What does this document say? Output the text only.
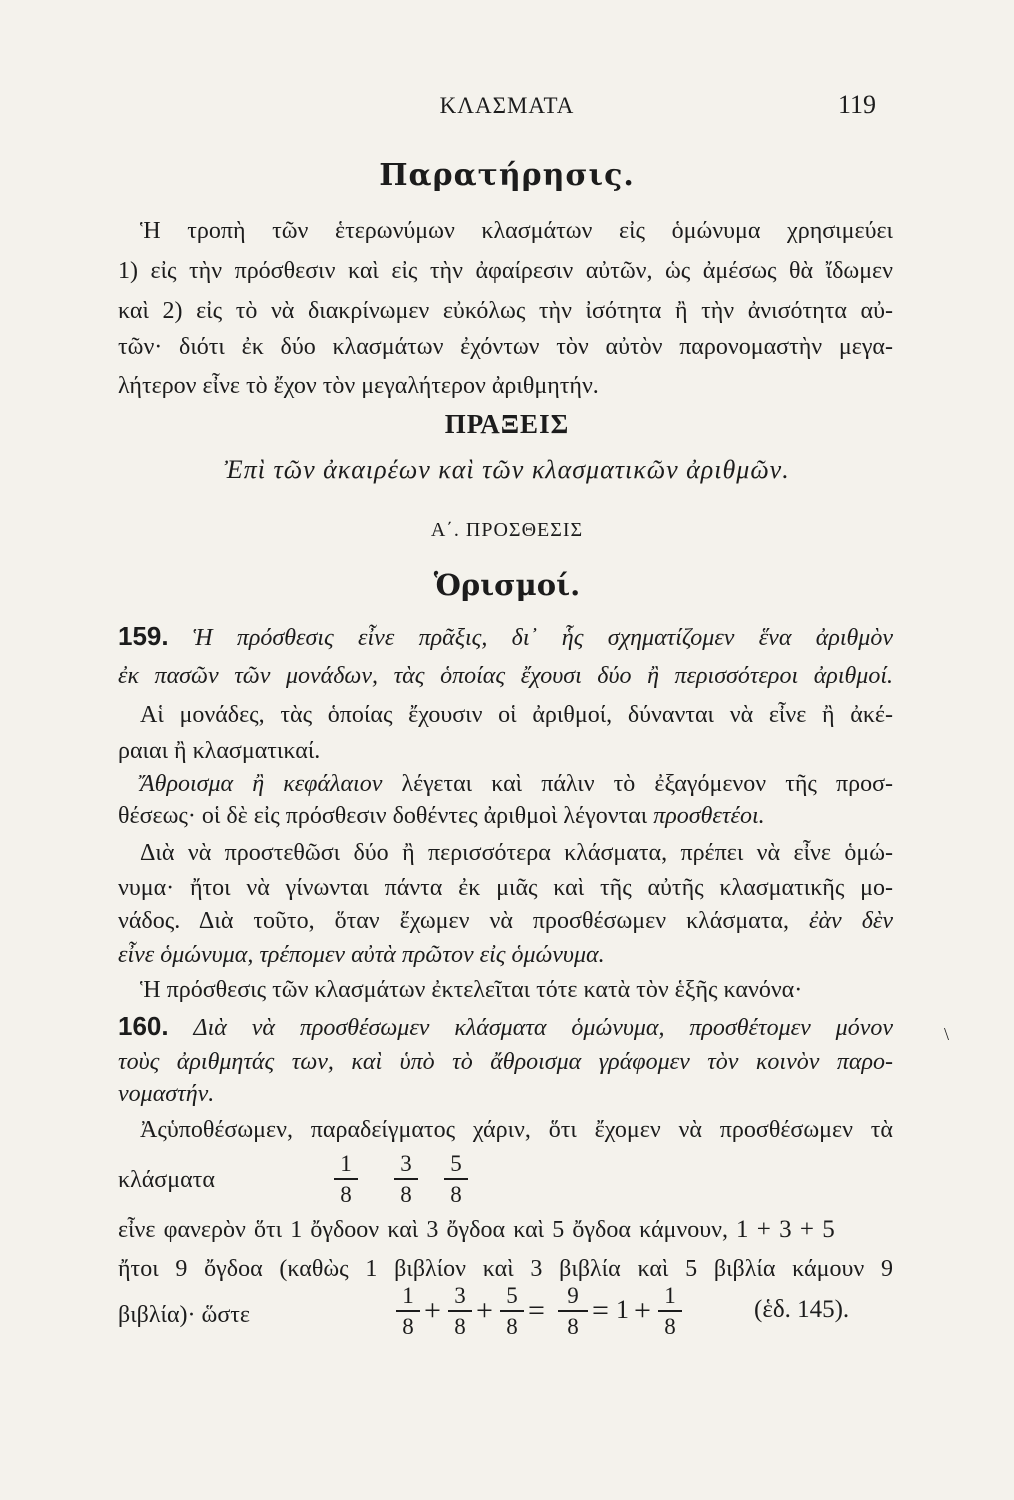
ΚΛΑΣΜΑΤΑ	119
Παρατήρησις.
Ἡ τροπὴ τῶν ἑτερωνύμων κλασμάτων εἰς ὁμώνυμα χρησιμεύει
1) εἰς τὴν πρόσθεσιν καὶ εἰς τὴν ἀφαίρεσιν αὐτῶν, ὡς ἀμέσως θὰ ἴδωμεν
καὶ 2) εἰς τὸ νὰ διακρίνωμεν εὐκόλως τὴν ἰσότητα ἢ τὴν ἀνισότητα αὐ-
τῶν· διότι ἐκ δύο κλασμάτων ἐχόντων τὸν αὐτὸν παρονομαστὴν μεγα-
λήτερον εἶνε τὸ ἔχον τὸν μεγαλήτερον ἀριθμητήν.
ΠΡΑΞΕΙΣ
Ἐπὶ τῶν ἀκαιρέων καὶ τῶν κλασματικῶν ἀριθμῶν.
Α΄. ΠΡΟΣΘΕΣΙΣ
Ὁρισμοί.
159. Ἡ πρόσθεσις εἶνε πρᾶξις, δι᾿ ἧς σχηματίζομεν ἕνα ἀριθμὸν
ἐκ πασῶν τῶν μονάδων, τὰς ὁποίας ἔχουσι δύο ἢ περισσότεροι ἀριθμοί.
Αἱ μονάδες, τὰς ὁποίας ἔχουσιν οἱ ἀριθμοί, δύνανται νὰ εἶνε ἢ ἀκέ-
ραιαι ἢ κλασματικαί.
Ἄθροισμα ἢ κεφάλαιον λέγεται καὶ πάλιν τὸ ἐξαγόμενον τῆς προσ-
θέσεως· οἱ δὲ εἰς πρόσθεσιν δοθέντες ἀριθμοὶ λέγονται προσθετέοι.
Διὰ νὰ προστεθῶσι δύο ἢ περισσότερα κλάσματα, πρέπει νὰ εἶνε ὁμώ-
νυμα· ἤτοι νὰ γίνωνται πάντα ἐκ μιᾶς καὶ τῆς αὐτῆς κλασματικῆς μο-
νάδος. Διὰ τοῦτο, ὅταν ἔχωμεν νὰ προσθέσωμεν κλάσματα, ἐὰν δὲν
εἶνε ὁμώνυμα, τρέπομεν αὐτὰ πρῶτον εἰς ὁμώνυμα.
Ἡ πρόσθεσις τῶν κλασμάτων ἐκτελεῖται τότε κατὰ τὸν ἑξῆς κανόνα·
160. Διὰ νὰ προσθέσωμεν κλάσματα ὁμώνυμα, προσθέτομεν μόνον
τοὺς ἀριθμητάς των, καὶ ὑπὸ τὸ ἄθροισμα γράφομεν τὸν κοινὸν παρο-
νομαστήν.
\
Ἀςὑποθέσωμεν, παραδείγματος χάριν, ὅτι ἔχομεν νὰ προσθέσωμεν τὰ
κλάσματα
1
8
3
8
5
8
εἶνε φανερὸν ὅτι 1 ὄγδοον καὶ 3 ὄγδοα καὶ 5 ὄγδοα κάμνουν, 1 + 3 + 5
ἤτοι 9 ὄγδοα (καθὼς 1 βιβλίον καὶ 3 βιβλία καὶ 5 βιβλία κάμουν 9
βιβλία)· ὥστε
1
8 + 3
8 + 5
8 = 9
8 = 1 + 1
8
(ἑδ. 145).
